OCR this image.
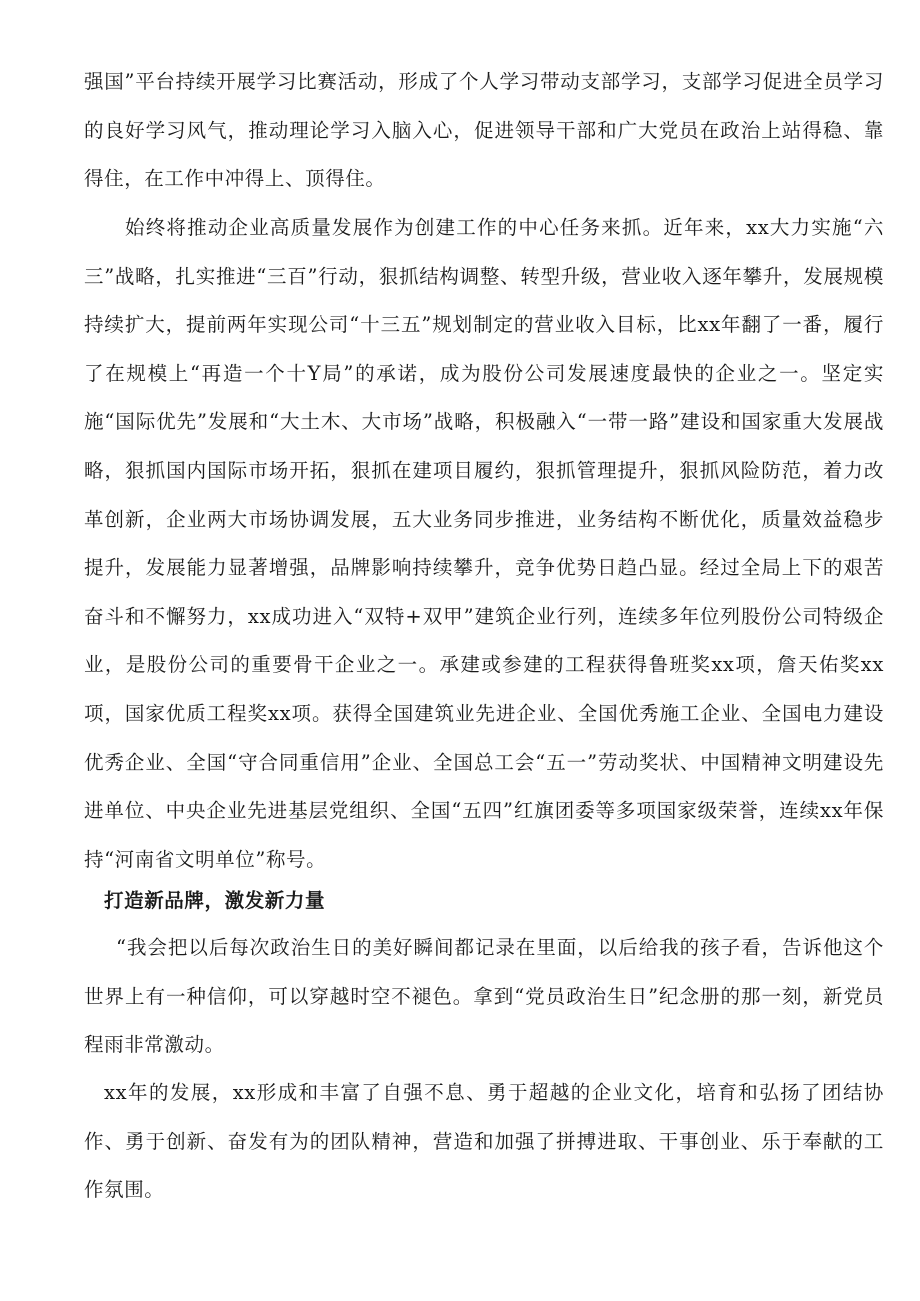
强国”平台持续开展学习比赛活动，形成了个人学习带动支部学习，支部学习促进全员学习的良好学习风气，推动理论学习入脑入心，促进领导干部和广大党员在政治上站得稳、靠得住，在工作中冲得上、顶得住。

始终将推动企业高质量发展作为创建工作的中心任务来抓。近年来，xx大力实施“六三”战略，扎实推进“三百”行动，狠抓结构调整、转型升级，营业收入逐年攀升，发展规模持续扩大，提前两年实现公司“十三五”规划制定的营业收入目标，比xx年翻了一番，履行了在规模上“再造一个十Y局”的承诺，成为股份公司发展速度最快的企业之一。坚定实施“国际优先”发展和“大土木、大市场”战略，积极融入“一带一路”建设和国家重大发展战略，狠抓国内国际市场开拓，狠抓在建项目履约，狠抓管理提升，狠抓风险防范，着力改革创新，企业两大市场协调发展，五大业务同步推进，业务结构不断优化，质量效益稳步提升，发展能力显著增强，品牌影响持续攀升，竞争优势日趋凸显。经过全局上下的艰苦奋斗和不懈努力，xx成功进入“双特+双甲”建筑企业行列，连续多年位列股份公司特级企业，是股份公司的重要骨干企业之一。承建或参建的工程获得鲁班奖xx项，詹天佑奖xx项，国家优质工程奖xx项。获得全国建筑业先进企业、全国优秀施工企业、全国电力建设优秀企业、全国“守合同重信用”企业、全国总工会“五一”劳动奖状、中国精神文明建设先进单位、中央企业先进基层党组织、全国“五四”红旗团委等多项国家级荣誉，连续xx年保持“河南省文明单位”称号。

打造新品牌，激发新力量

“我会把以后每次政治生日的美好瞬间都记录在里面，以后给我的孩子看，告诉他这个世界上有一种信仰，可以穿越时空不褪色。拿到“党员政治生日”纪念册的那一刻，新党员程雨非常激动。

xx年的发展，xx形成和丰富了自强不息、勇于超越的企业文化，培育和弘扬了团结协作、勇于创新、奋发有为的团队精神，营造和加强了拼搏进取、干事创业、乐于奉献的工作氛围。
